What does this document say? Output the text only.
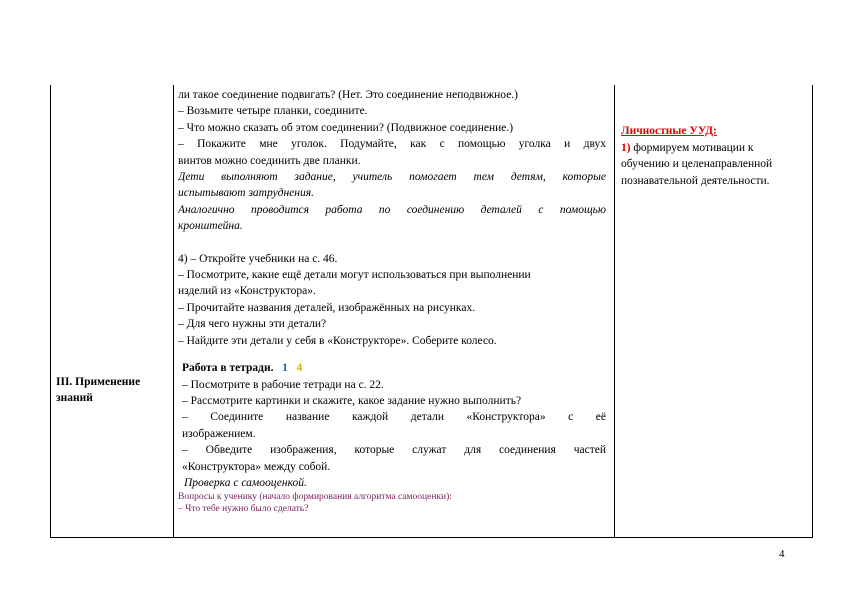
III. Применение
знаний
ли такое соединение подвигать? (Нет. Это соединение неподвижное.)
– Возьмите четыре планки, соедините.
– Что можно сказать об этом соединении? (Подвижное соединение.)
– Покажите мне уголок. Подумайте, как с помощью уголка и двух
винтов можно соединить две планки.
Дети выполняют задание, учитель помогает тем детям, которые
испытывают затруднения.
Аналогично проводится работа по соединению деталей с помощью
кронштейна.
4) – Откройте учебники на с. 46.
– Посмотрите, какие ещё детали могут использоваться при выполнении
изделий из «Конструктора».
– Прочитайте названия деталей, изображённых на рисунках.
– Для чего нужны эти детали?
– Найдите эти детали у себя в «Конструкторе». Соберите колесо.
Работа в тетради. 1 4
– Посмотрите в рабочие тетради на с. 22.
– Рассмотрите картинки и скажите, какое задание нужно выполнить?
– Соедините название каждой детали «Конструктора» с её
изображением.
– Обведите изображения, которые служат для соединения частей
«Конструктора» между собой.
Проверка с самооценкой.
Вопросы к ученику (начало формирования алгоритма самооценки):
– Что тебе нужно было сделать?
Личностные УУД:
1) формируем мотивации к
обучению и целенаправленной
познавательной деятельности.
4
